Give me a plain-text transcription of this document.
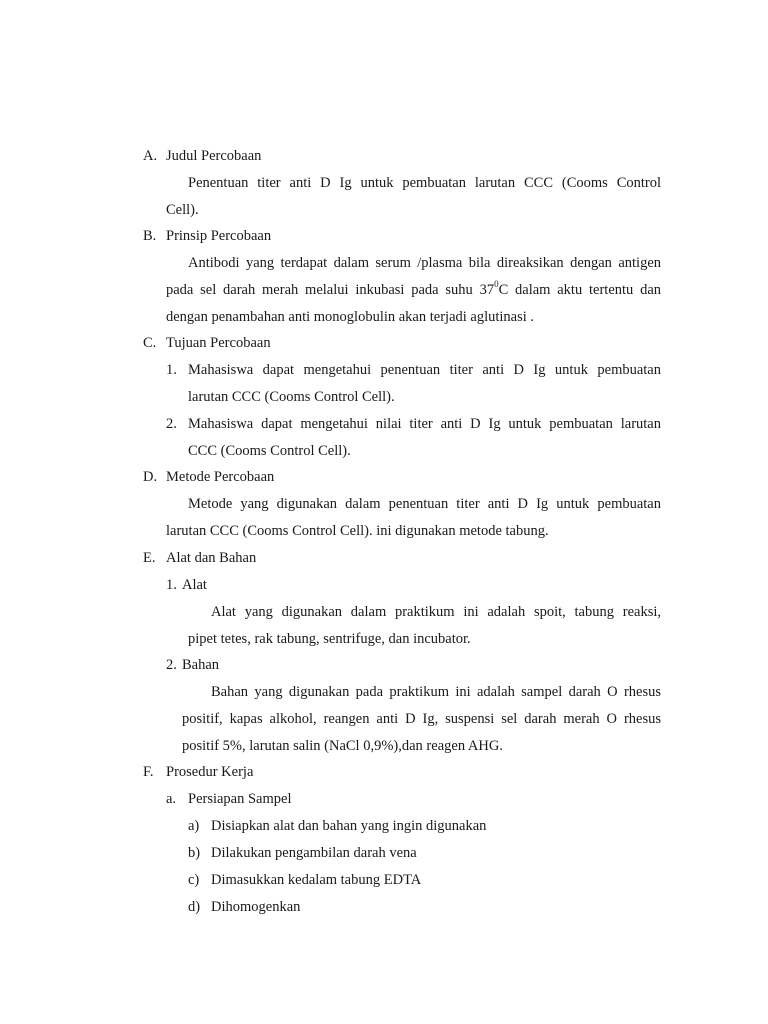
A. Judul Percobaan
Penentuan titer anti D Ig untuk pembuatan larutan CCC (Cooms Control
Cell).
B. Prinsip Percobaan
Antibodi yang terdapat dalam serum /plasma bila direaksikan dengan antigen
pada sel darah merah melalui inkubasi pada suhu $37^0C$ dalam aktu tertentu dan
dengan penambahan anti monoglobulin akan terjadi aglutinasi .
C. Tujuan Percobaan
1. Mahasiswa dapat mengetahui penentuan titer anti D Ig untuk pembuatan
larutan CCC (Cooms Control Cell).
2. Mahasiswa dapat mengetahui nilai titer anti D Ig untuk pembuatan larutan
CCC (Cooms Control Cell).
D. Metode Percobaan
Metode yang digunakan dalam penentuan titer anti D Ig untuk pembuatan
larutan CCC (Cooms Control Cell). ini digunakan metode tabung.
E. Alat dan Bahan
1. Alat
Alat yang digunakan dalam praktikum ini adalah spoit, tabung reaksi,
pipet tetes, rak tabung, sentrifuge, dan incubator.
2. Bahan
Bahan yang digunakan pada praktikum ini adalah sampel darah O rhesus
positif, kapas alkohol, reangen anti D Ig, suspensi sel darah merah O rhesus
positif 5%, larutan salin (NaCl 0,9%),dan reagen AHG.
F. Prosedur Kerja
a. Persiapan Sampel
a) Disiapkan alat dan bahan yang ingin digunakan
b) Dilakukan pengambilan darah vena
c) Dimasukkan kedalam tabung EDTA
d) Dihomogenkan
